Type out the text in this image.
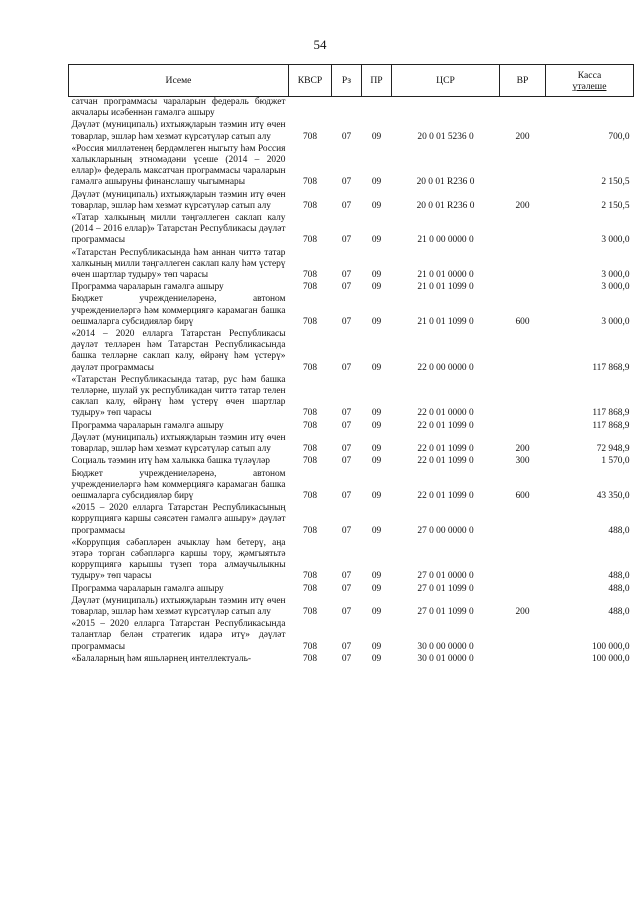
54
Исеме	КВСР	Рз	ПР	ЦСР	ВР	Касса
үтәлеше
сатчан программасы чараларын федераль бюджет акчалары исәбеннән гамәлгә ашыру						
Дәүләт (муниципаль) ихтыяҗларын тәэмин итү өчен товарлар, эшләр һәм хезмәт күрсәтүләр сатып алу	708	07	09	20 0 01 5236 0	200	700,0
«Россия милләтенең бердәмлеген ныгыту һәм Россия халыкларының этномәдәни үсеше (2014 – 2020 еллар)» федераль максатчан программасы чараларын гамәлгә ашыруны финанслашу чыгымнары	708	07	09	20 0 01 R236 0		2 150,5
Дәүләт (муниципаль) ихтыяҗларын тәэмин итү өчен товарлар, эшләр һәм хезмәт күрсәтүләр сатып алу	708	07	09	20 0 01 R236 0	200	2 150,5
«Татар халкының милли тәңгәллеген саклап калу (2014 – 2016 еллар)» Татарстан Республикасы дәүләт программасы	708	07	09	21 0 00 0000 0		3 000,0
«Татарстан Республикасында һәм аннан читтә татар халкының милли тәңгәллеген саклап калу һәм үстерү өчен шартлар тудыру» төп чарасы	708	07	09	21 0 01 0000 0		3 000,0
Программа чараларын гамәлгә ашыру	708	07	09	21 0 01 1099 0		3 000,0
Бюджет учреждениеләренә, автоном учреждениеләргә һәм коммерциягә карамаган башка оешмаларга субсидияләр бирү	708	07	09	21 0 01 1099 0	600	3 000,0
«2014 – 2020 елларга Татарстан Республикасы дәүләт телләрен һәм Татарстан Республикасында башка телләрне саклап калу, өйрәнү һәм үстерү» дәүләт программасы	708	07	09	22 0 00 0000 0		117 868,9
«Татарстан Республикасында татар, рус һәм башка телләрне, шулай ук республикадан читтә татар телен саклап калу, өйрәнү һәм үстерү өчен шартлар тудыру» төп чарасы	708	07	09	22 0 01 0000 0		117 868,9
Программа чараларын гамәлгә ашыру	708	07	09	22 0 01 1099 0		117 868,9
Дәүләт (муниципаль) ихтыяҗларын тәэмин итү өчен товарлар, эшләр һәм хезмәт күрсәтүләр сатып алу	708	07	09	22 0 01 1099 0	200	72 948,9
Социаль тәэмин итү һәм халыкка башка түләүләр	708	07	09	22 0 01 1099 0	300	1 570,0
Бюджет учреждениеләренә, автоном учреждениеләргә һәм коммерциягә карамаган башка оешмаларга субсидияләр бирү	708	07	09	22 0 01 1099 0	600	43 350,0
«2015 – 2020 елларга Татарстан Республикасының коррупциягә каршы сәясәтен гамәлгә ашыру» дәүләт программасы	708	07	09	27 0 00 0000 0		488,0
«Коррупция сәбәпләрен ачыклау һәм бетерү, аңа этәрә торган сәбәпләргә каршы тору, җәмгыятьтә коррупциягә карышы түзеп тора алмаучылыкны тудыру» төп чарасы	708	07	09	27 0 01 0000 0		488,0
Программа чараларын гамәлгә ашыру	708	07	09	27 0 01 1099 0		488,0
Дәүләт (муниципаль) ихтыяҗларын тәэмин итү өчен товарлар, эшләр һәм хезмәт күрсәтүләр сатып алу	708	07	09	27 0 01 1099 0	200	488,0
«2015 – 2020 елларга Татарстан Республикасында талантлар белән стратегик идарә итү» дәүләт программасы	708	07	09	30 0 00 0000 0		100 000,0
«Балаларның һәм яшьләрнең интеллектуаль-	708	07	09	30 0 01 0000 0		100 000,0
